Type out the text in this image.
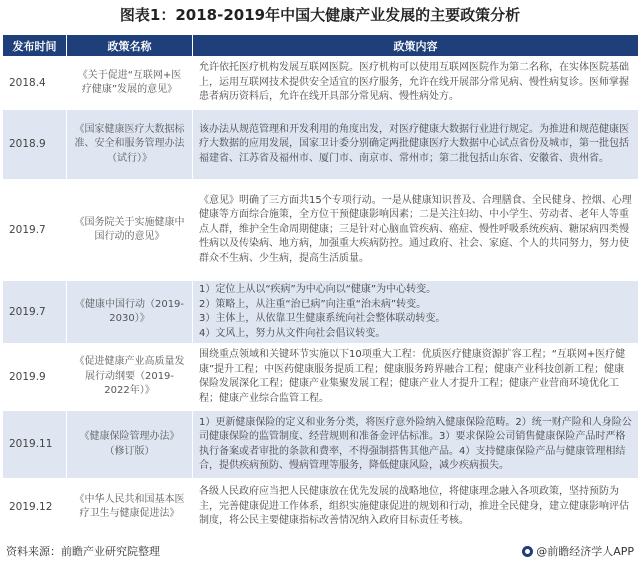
图表1：2018-2019年中国大健康产业发展的主要政策分析
发布时间	政策名称	政策内容
2018.4	《关于促进“互联网+医疗健康”发展的意见》	允许依托医疗机构发展互联网医院。医疗机构可以使用互联网医院作为第二名称，在实体医院基础上，运用互联网技术提供安全适宜的医疗服务，允许在线开展部分常见病、慢性病复诊。医师掌握患者病历资料后，允许在线开具部分常见病、慢性病处方。
2018.9	《国家健康医疗大数据标准、安全和服务管理办法（试行）》	该办法从规范管理和开发利用的角度出发，对医疗健康大数据行业进行规定。为推进和规范健康医疗大数据的应用发展，国家卫计委分别确定两批健康医疗大数据中心试点省份及城市，第一批包括福建省、江苏省及福州市、厦门市、南京市、常州市；第二批包括山东省、安徽省、贵州省。
2019.7	《国务院关于实施健康中国行动的意见》	《意见》明确了三方面共15个专项行动。一是从健康知识普及、合理膳食、全民健身、控烟、心理健康等方面综合施策，全方位干预健康影响因素；二是关注妇幼、中小学生、劳动者、老年人等重点人群，维护全生命周期健康；三是针对心脑血管疾病、癌症、慢性呼吸系统疾病、糖尿病四类慢性病以及传染病、地方病，加强重大疾病防控。通过政府、社会、家庭、个人的共同努力，努力使群众不生病、少生病，提高生活质量。
2019.7	《健康中国行动（2019-2030）》	1）定位上从以“疾病”为中心向以“健康”为中心转变。
2）策略上，从注重“治已病”向注重“治未病”转变。
3）主体上，从依靠卫生健康系统向社会整体联动转变。
4）文风上，努力从文件向社会倡议转变。
2019.9	《促进健康产业高质量发展行动纲要（2019-2022年）》	围绕重点领域和关键环节实施以下10项重大工程：优质医疗健康资源扩容工程；“互联网+医疗健康”提升工程；中医药健康服务提质工程；健康服务跨界融合工程；健康产业科技创新工程；健康保险发展深化工程；健康产业集聚发展工程；健康产业人才提升工程；健康产业营商环境优化工程；健康产业综合监管工程。
2019.11	《健康保险管理办法》（修订版）	1）更新健康保险的定义和业务分类，将医疗意外险纳入健康保险范畴。2）统一财产险和人身险公司健康保险的监管制度、经营规则和准备金评估标准。3）要求保险公司销售健康保险产品时严格执行备案或者审批的条款和费率，不得强制搭售其他产品。4）支持健康保险产品与健康管理相结合，提供疾病预防、慢病管理等服务，降低健康风险，减少疾病损失。
2019.12	《中华人民共和国基本医疗卫生与健康促进法》	各级人民政府应当把人民健康放在优先发展的战略地位，将健康理念融入各项政策，坚持预防为主，完善健康促进工作体系，组织实施健康促进的规划和行动，推进全民健身，建立健康影响评估制度，将公民主要健康指标改善情况纳入政府目标责任考核。
资料来源：前瞻产业研究院整理	@前瞻经济学人APP
